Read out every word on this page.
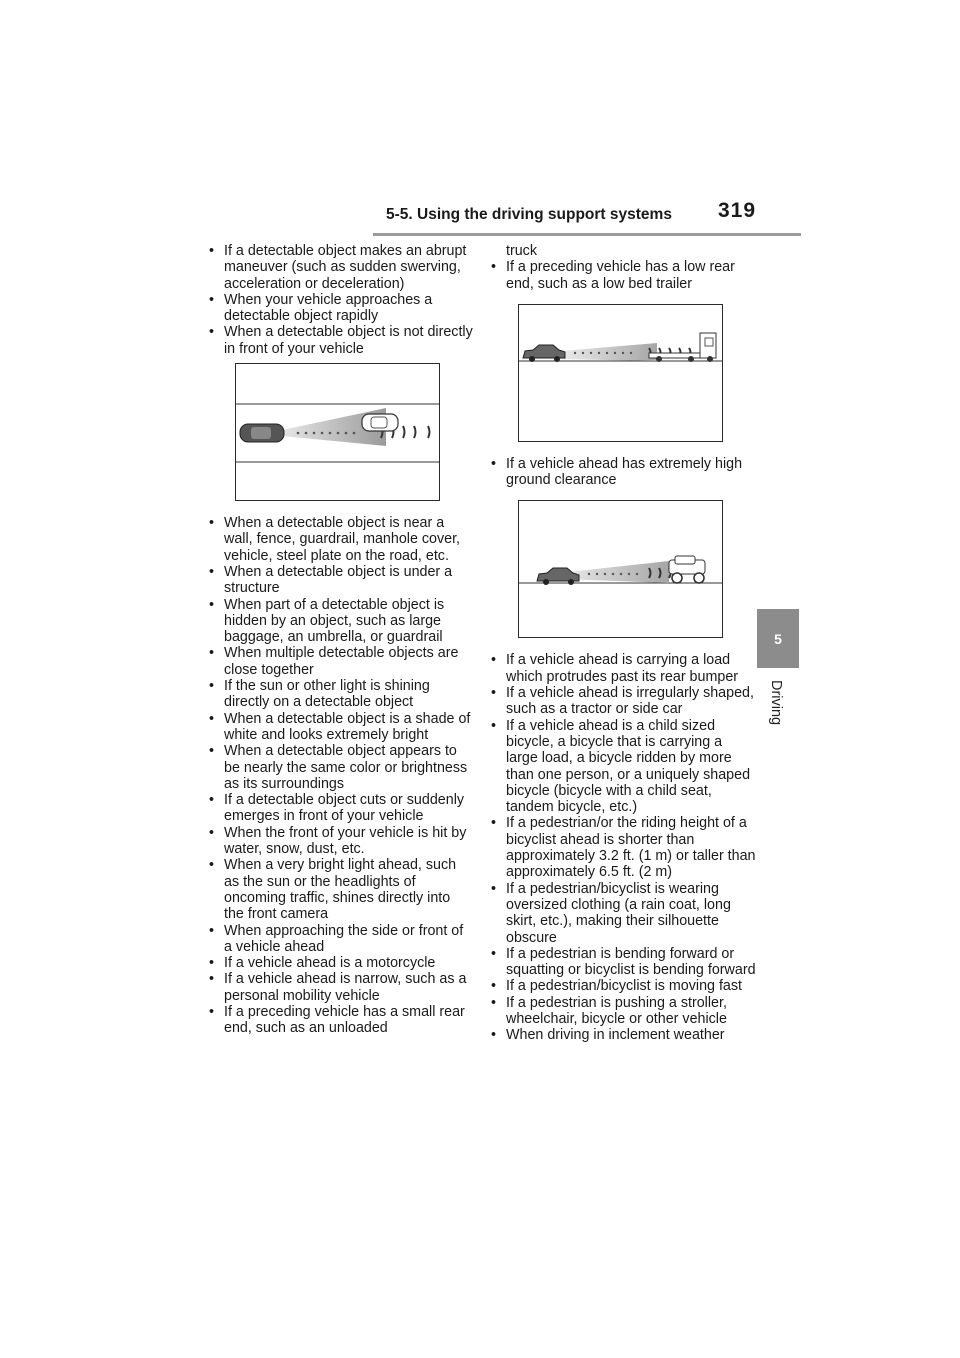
5-5. Using the driving support systems 319
5
Driving
• If a detectable object makes an abrupt maneuver (such as sudden swerving, acceleration or deceleration)
• When your vehicle approaches a detectable object rapidly
• When a detectable object is not directly in front of your vehicle
• When a detectable object is near a wall, fence, guardrail, manhole cover, vehicle, steel plate on the road, etc.
• When a detectable object is under a structure
• When part of a detectable object is hidden by an object, such as large baggage, an umbrella, or guardrail
• When multiple detectable objects are close together
• If the sun or other light is shining directly on a detectable object
• When a detectable object is a shade of white and looks extremely bright
• When a detectable object appears to be nearly the same color or brightness as its surroundings
• If a detectable object cuts or suddenly emerges in front of your vehicle
• When the front of your vehicle is hit by water, snow, dust, etc.
• When a very bright light ahead, such as the sun or the headlights of oncoming traffic, shines directly into the front camera
• When approaching the side or front of a vehicle ahead
• If a vehicle ahead is a motorcycle
• If a vehicle ahead is narrow, such as a personal mobility vehicle
• If a preceding vehicle has a small rear end, such as an unloaded
truck
• If a preceding vehicle has a low rear end, such as a low bed trailer
• If a vehicle ahead has extremely high ground clearance
• If a vehicle ahead is carrying a load which protrudes past its rear bumper
• If a vehicle ahead is irregularly shaped, such as a tractor or side car
• If a vehicle ahead is a child sized bicycle, a bicycle that is carrying a large load, a bicycle ridden by more than one person, or a uniquely shaped bicycle (bicycle with a child seat, tandem bicycle, etc.)
• If a pedestrian/or the riding height of a bicyclist ahead is shorter than approximately 3.2 ft. (1 m) or taller than approximately 6.5 ft. (2 m)
• If a pedestrian/bicyclist is wearing oversized clothing (a rain coat, long skirt, etc.), making their silhouette obscure
• If a pedestrian is bending forward or squatting or bicyclist is bending forward
• If a pedestrian/bicyclist is moving fast
• If a pedestrian is pushing a stroller, wheelchair, bicycle or other vehicle
• When driving in inclement weather
